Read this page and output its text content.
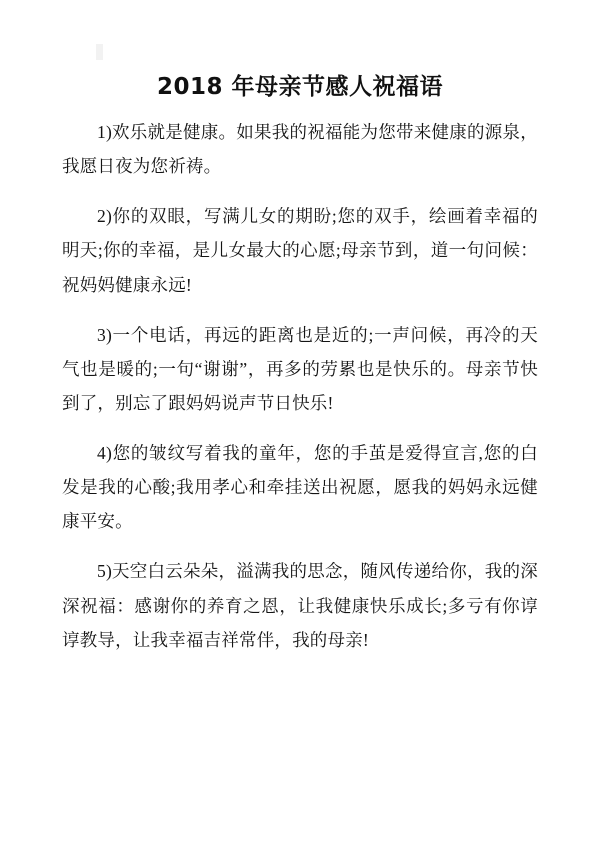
2018 年母亲节感人祝福语

1)欢乐就是健康。如果我的祝福能为您带来健康的源泉，我愿日夜为您祈祷。

2)你的双眼，写满儿女的期盼;您的双手，绘画着幸福的明天;你的幸福，是儿女最大的心愿;母亲节到，道一句问候：祝妈妈健康永远!

3)一个电话，再远的距离也是近的;一声问候，再冷的天气也是暖的;一句“谢谢”，再多的劳累也是快乐的。母亲节快到了，别忘了跟妈妈说声节日快乐!

4)您的皱纹写着我的童年，您的手茧是爱得宣言,您的白发是我的心酸;我用孝心和牵挂送出祝愿，愿我的妈妈永远健康平安。

5)天空白云朵朵，溢满我的思念，随风传递给你，我的深深祝福：感谢你的养育之恩，让我健康快乐成长;多亏有你谆谆教导，让我幸福吉祥常伴，我的母亲!
